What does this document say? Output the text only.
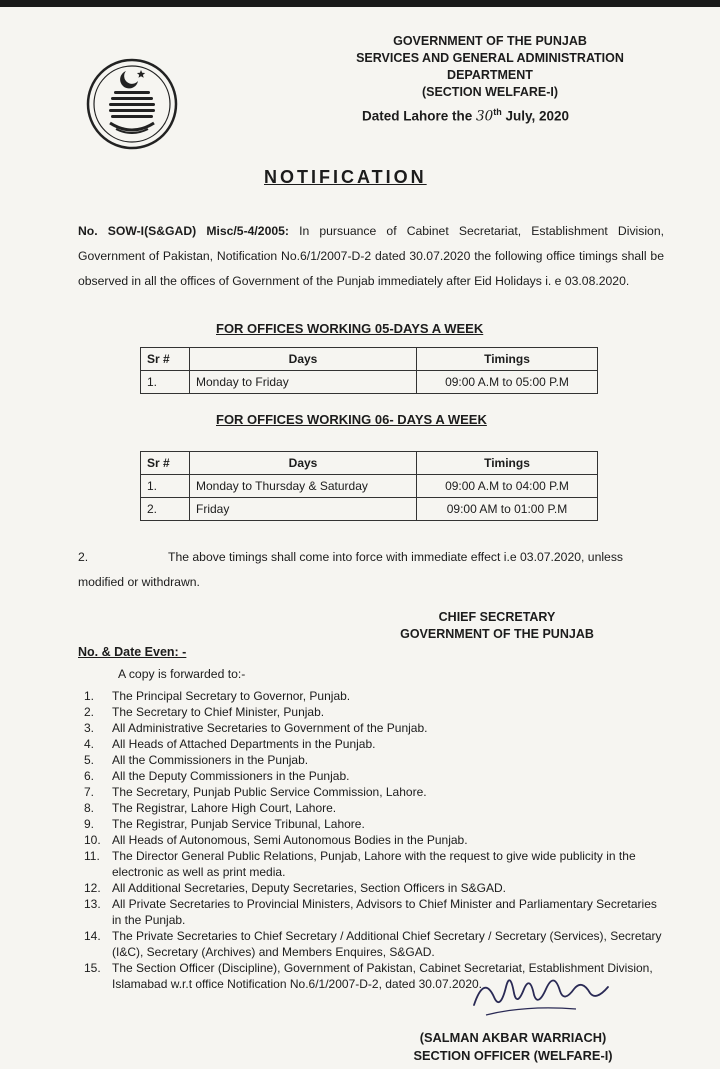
GOVERNMENT OF THE PUNJAB
SERVICES AND GENERAL ADMINISTRATION
DEPARTMENT
(SECTION WELFARE-I)
Dated Lahore the 30th July, 2020
NOTIFICATION
No. SOW-I(S&GAD) Misc/5-4/2005: In pursuance of Cabinet Secretariat, Establishment Division, Government of Pakistan, Notification No.6/1/2007-D-2 dated 30.07.2020 the following office timings shall be observed in all the offices of Government of the Punjab immediately after Eid Holidays i. e 03.08.2020.
FOR OFFICES WORKING 05-DAYS A WEEK
Sr #	Days	Timings
1.	Monday to Friday	09:00 A.M to 05:00 P.M
FOR OFFICES WORKING 06- DAYS A WEEK
Sr #	Days	Timings
1.	Monday to Thursday & Saturday	09:00 A.M to 04:00 P.M
2.	Friday	09:00 AM to 01:00 P.M
2.	The above timings shall come into force with immediate effect i.e 03.07.2020, unless modified or withdrawn.
CHIEF SECRETARY
GOVERNMENT OF THE PUNJAB
No. & Date Even: -
A copy is forwarded to:-
1.	The Principal Secretary to Governor, Punjab.
2.	The Secretary to Chief Minister, Punjab.
3.	All Administrative Secretaries to Government of the Punjab.
4.	All Heads of Attached Departments in the Punjab.
5.	All the Commissioners in the Punjab.
6.	All the Deputy Commissioners in the Punjab.
7.	The Secretary, Punjab Public Service Commission, Lahore.
8.	The Registrar, Lahore High Court, Lahore.
9.	The Registrar, Punjab Service Tribunal, Lahore.
10. All Heads of Autonomous, Semi Autonomous Bodies in the Punjab.
11.	The Director General Public Relations, Punjab, Lahore with the request to give wide publicity in the electronic as well as print media.
12. All Additional Secretaries, Deputy Secretaries, Section Officers in S&GAD.
13. All Private Secretaries to Provincial Ministers, Advisors to Chief Minister and Parliamentary Secretaries in the Punjab.
14. The Private Secretaries to Chief Secretary / Additional Chief Secretary / Secretary (Services), Secretary (I&C), Secretary (Archives) and Members Enquires, S&GAD.
15. The Section Officer (Discipline), Government of Pakistan, Cabinet Secretariat, Establishment Division, Islamabad w.r.t office Notification No.6/1/2007-D-2, dated 30.07.2020.
(SALMAN AKBAR WARRIACH)
SECTION OFFICER (WELFARE-I)
